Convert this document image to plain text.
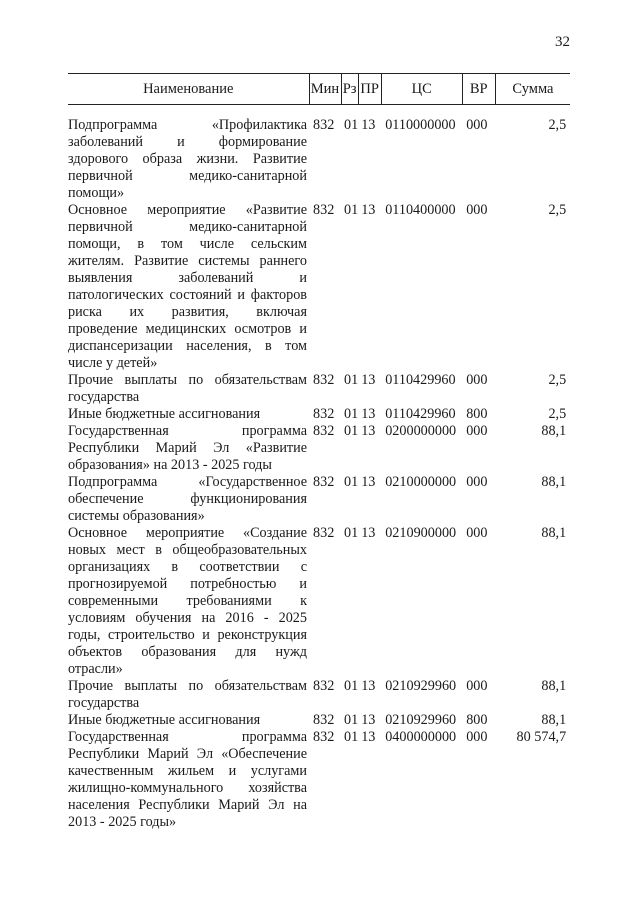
32
Наименование	Мин	Рз	ПР	ЦС	ВР	Сумма

Подпрограмма «Профилактика заболеваний и формирование здорового образа жизни. Развитие первичной медико-санитарной помощи»	832	01	13	0110000000	000	2,5
Основное мероприятие «Развитие первичной медико-санитарной помощи, в том числе сельским жителям. Развитие системы раннего выявления заболеваний и патологических состояний и факторов риска их развития, включая проведение медицинских осмотров и диспансеризации населения, в том числе у детей»	832	01	13	0110400000	000	2,5
Прочие выплаты по обязательствам государства	832	01	13	0110429960	000	2,5
Иные бюджетные ассигнования	832	01	13	0110429960	800	2,5
Государственная программа Республики Марий Эл «Развитие образования» на 2013 - 2025 годы	832	01	13	0200000000	000	88,1
Подпрограмма «Государственное обеспечение функционирования системы образования»	832	01	13	0210000000	000	88,1
Основное мероприятие «Создание новых мест в общеобразовательных организациях в соответствии с прогнозируемой потребностью и современными требованиями к условиям обучения на 2016 - 2025 годы, строительство и реконструкция объектов образования для нужд отрасли»	832	01	13	0210900000	000	88,1
Прочие выплаты по обязательствам государства	832	01	13	0210929960	000	88,1
Иные бюджетные ассигнования	832	01	13	0210929960	800	88,1
Государственная программа Республики Марий Эл «Обеспечение качественным жильем и услугами жилищно-коммунального хозяйства населения Республики Марий Эл на 2013 - 2025 годы»	832	01	13	0400000000	000	80 574,7
